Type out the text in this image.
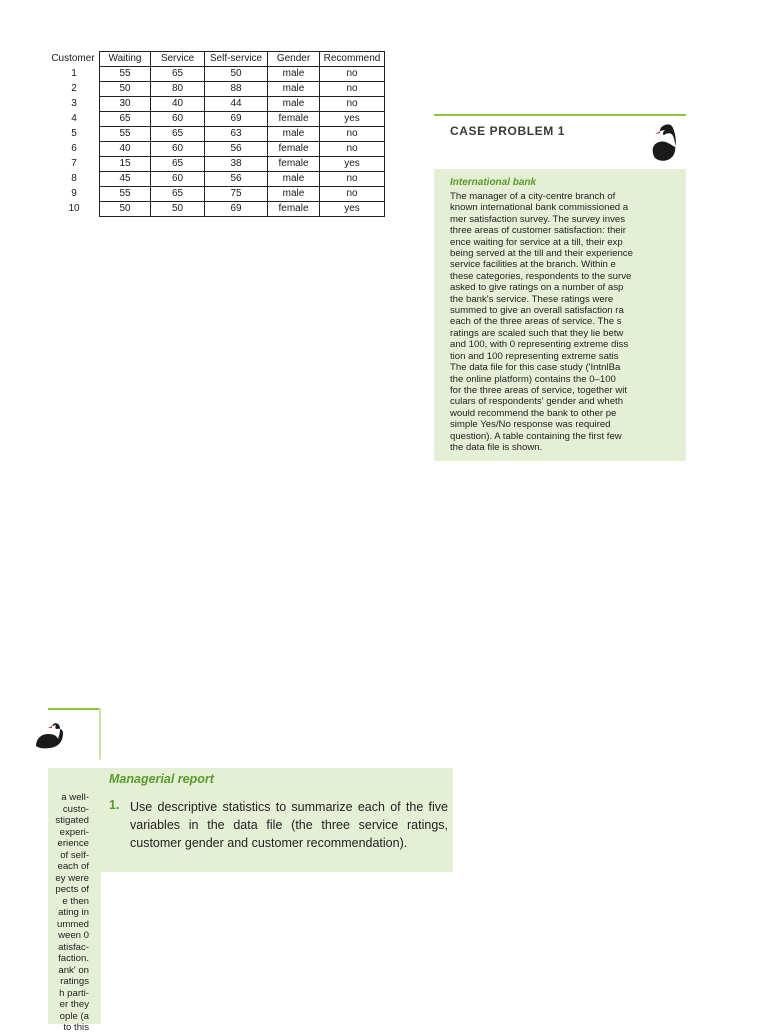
Customer	Waiting	Service	Self-service	Gender	Recommend
1	55	65	50	male	no
2	50	80	88	male	no
3	30	40	44	male	no
4	65	60	69	female	yes
5	55	65	63	male	no
6	40	60	56	female	no
7	15	65	38	female	yes
8	45	60	56	male	no
9	55	65	75	male	no
10	50	50	69	female	yes
CASE PROBLEM 1
International bank
The manager of a city-centre branch of
known international bank commissioned a
mer satisfaction survey. The survey inves
three areas of customer satisfaction: their
ence waiting for service at a till, their exp
being served at the till and their experience
service facilities at the branch. Within e
these categories, respondents to the surve
asked to give ratings on a number of asp
the bank's service. These ratings were
summed to give an overall satisfaction ra
each of the three areas of service. The s
ratings are scaled such that they lie betw
and 100, with 0 representing extreme diss
tion and 100 representing extreme satis
The data file for this case study ('IntnlBa
the online platform) contains the 0–100
for the three areas of service, together wit
culars of respondents' gender and wheth
would recommend the bank to other pe
simple Yes/No response was required
question). A table containing the first few
the data file is shown.
a well-
custo-
stigated
experi-
erience
of self-
each of
ey were
pects of
e then
ating in
ummed
ween 0
atisfac-
faction.
ank' on
ratings
h parti-
er they
ople (a
to this
Managerial report
1. Use descriptive statistics to summarize each of the five variables in the data file (the three service ratings, customer gender and customer recommendation).
